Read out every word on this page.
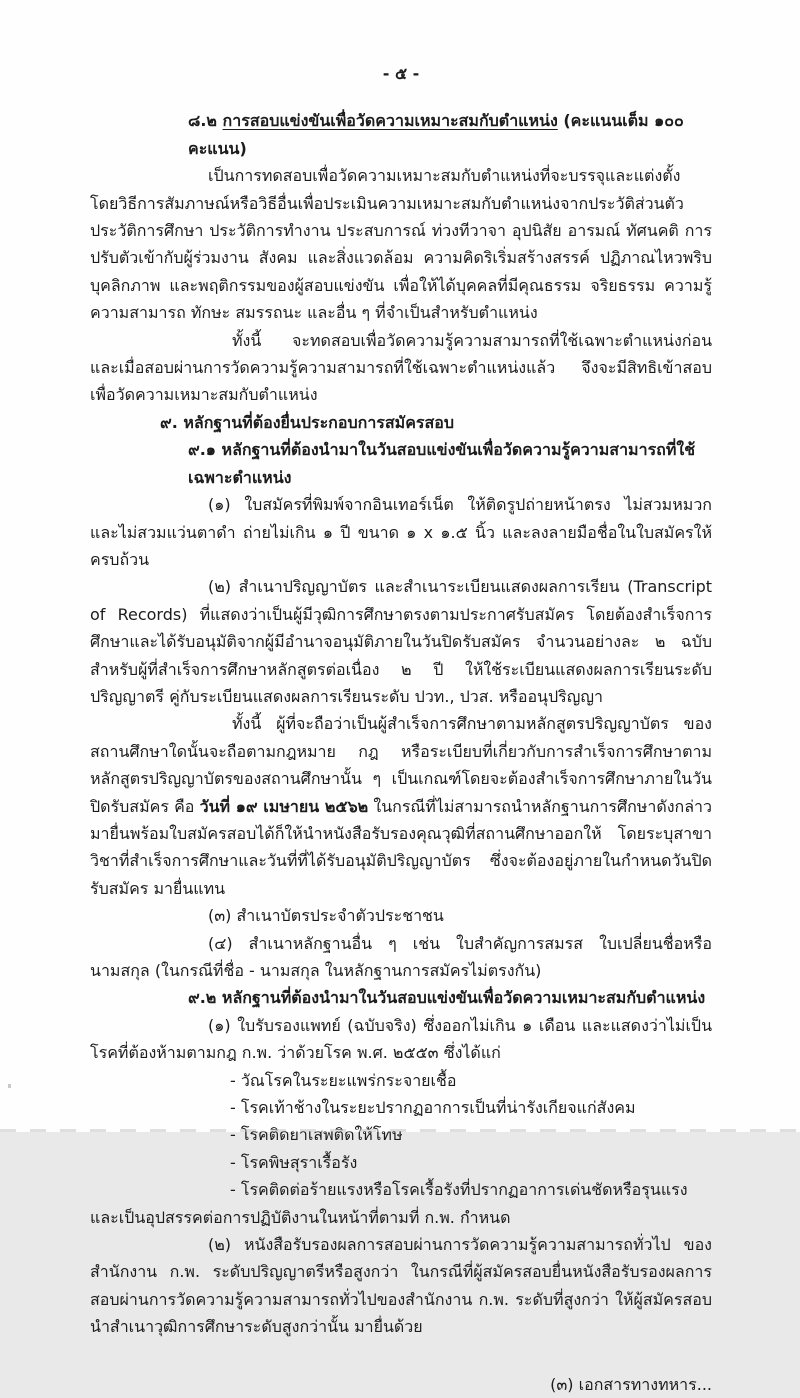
- ๕ -

๘.๒ การสอบแข่งขันเพื่อวัดความเหมาะสมกับตำแหน่ง (คะแนนเต็ม ๑๐๐ คะแนน)

เป็นการทดสอบเพื่อวัดความเหมาะสมกับตำแหน่งที่จะบรรจุและแต่งตั้ง โดยวิธีการสัมภาษณ์หรือวิธีอื่นเพื่อประเมินความเหมาะสมกับตำแหน่งจากประวัติส่วนตัว ประวัติการศึกษา ประวัติการทำงาน ประสบการณ์ ท่วงทีวาจา อุปนิสัย อารมณ์ ทัศนคติ การปรับตัวเข้ากับผู้ร่วมงาน สังคม และสิ่งแวดล้อม ความคิดริเริ่มสร้างสรรค์ ปฏิภาณไหวพริบ บุคลิกภาพ และพฤติกรรมของผู้สอบแข่งขัน เพื่อให้ได้บุคคลที่มีคุณธรรม จริยธรรม ความรู้ ความสามารถ ทักษะ สมรรถนะ และอื่น ๆ ที่จำเป็นสำหรับตำแหน่ง

ทั้งนี้ จะทดสอบเพื่อวัดความรู้ความสามารถที่ใช้เฉพาะตำแหน่งก่อน และเมื่อสอบผ่านการวัดความรู้ความสามารถที่ใช้เฉพาะตำแหน่งแล้ว จึงจะมีสิทธิเข้าสอบเพื่อวัดความเหมาะสมกับตำแหน่ง

๙. หลักฐานที่ต้องยื่นประกอบการสมัครสอบ

๙.๑ หลักฐานที่ต้องนำมาในวันสอบแข่งขันเพื่อวัดความรู้ความสามารถที่ใช้เฉพาะตำแหน่ง

(๑) ใบสมัครที่พิมพ์จากอินเทอร์เน็ต ให้ติดรูปถ่ายหน้าตรง ไม่สวมหมวก และไม่สวมแว่นตาดำ ถ่ายไม่เกิน ๑ ปี ขนาด ๑ x ๑.๕ นิ้ว และลงลายมือชื่อในใบสมัครให้ครบถ้วน

(๒) สำเนาปริญญาบัตร และสำเนาระเบียนแสดงผลการเรียน (Transcript of Records) ที่แสดงว่าเป็นผู้มีวุฒิการศึกษาตรงตามประกาศรับสมัคร โดยต้องสำเร็จการศึกษาและได้รับอนุมัติจากผู้มีอำนาจอนุมัติภายในวันปิดรับสมัคร จำนวนอย่างละ ๒ ฉบับ สำหรับผู้ที่สำเร็จการศึกษาหลักสูตรต่อเนื่อง ๒ ปี ให้ใช้ระเบียนแสดงผลการเรียนระดับปริญญาตรี คู่กับระเบียนแสดงผลการเรียนระดับ ปวท., ปวส. หรืออนุปริญญา

ทั้งนี้ ผู้ที่จะถือว่าเป็นผู้สำเร็จการศึกษาตามหลักสูตรปริญญาบัตร ของสถานศึกษาใดนั้นจะถือตามกฎหมาย กฎ หรือระเบียบที่เกี่ยวกับการสำเร็จการศึกษาตามหลักสูตรปริญญาบัตรของสถานศึกษานั้น ๆ เป็นเกณฑ์โดยจะต้องสำเร็จการศึกษาภายในวันปิดรับสมัคร คือ วันที่ ๑๙ เมษายน ๒๕๖๒ ในกรณีที่ไม่สามารถนำหลักฐานการศึกษาดังกล่าวมายื่นพร้อมใบสมัครสอบได้ก็ให้นำหนังสือรับรองคุณวุฒิที่สถานศึกษาออกให้ โดยระบุสาขาวิชาที่สำเร็จการศึกษาและวันที่ที่ได้รับอนุมัติปริญญาบัตร ซึ่งจะต้องอยู่ภายในกำหนดวันปิดรับสมัคร มายื่นแทน

(๓) สำเนาบัตรประจำตัวประชาชน

(๔) สำเนาหลักฐานอื่น ๆ เช่น ใบสำคัญการสมรส ใบเปลี่ยนชื่อหรือนามสกุล (ในกรณีที่ชื่อ - นามสกุล ในหลักฐานการสมัครไม่ตรงกัน)

๙.๒ หลักฐานที่ต้องนำมาในวันสอบแข่งขันเพื่อวัดความเหมาะสมกับตำแหน่ง

(๑) ใบรับรองแพทย์ (ฉบับจริง) ซึ่งออกไม่เกิน ๑ เดือน และแสดงว่าไม่เป็นโรคที่ต้องห้ามตามกฎ ก.พ. ว่าด้วยโรค พ.ศ. ๒๕๕๓ ซึ่งได้แก่

- วัณโรคในระยะแพร่กระจายเชื้อ

- โรคเท้าช้างในระยะปรากฏอาการเป็นที่น่ารังเกียจแก่สังคม

- โรคติดยาเสพติดให้โทษ

- โรคพิษสุราเรื้อรัง

- โรคติดต่อร้ายแรงหรือโรคเรื้อรังที่ปรากฏอาการเด่นชัดหรือรุนแรงและเป็นอุปสรรคต่อการปฏิบัติงานในหน้าที่ตามที่ ก.พ. กำหนด

(๒) หนังสือรับรองผลการสอบผ่านการวัดความรู้ความสามารถทั่วไป ของสำนักงาน ก.พ. ระดับปริญญาตรีหรือสูงกว่า ในกรณีที่ผู้สมัครสอบยื่นหนังสือรับรองผลการสอบผ่านการวัดความรู้ความสามารถทั่วไปของสำนักงาน ก.พ. ระดับที่สูงกว่า ให้ผู้สมัครสอบนำสำเนาวุฒิการศึกษาระดับสูงกว่านั้น มายื่นด้วย

(๓) เอกสารทางทหาร...
